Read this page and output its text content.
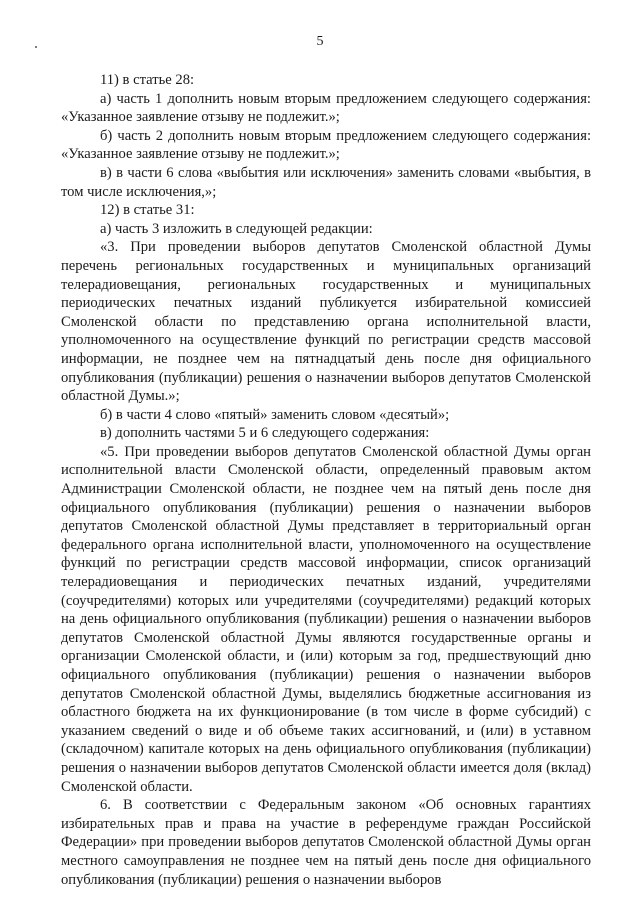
5

11) в статье 28:

а) часть 1 дополнить новым вторым предложением следующего содержания: «Указанное заявление отзыву не подлежит.»;

б) часть 2 дополнить новым вторым предложением следующего содержания: «Указанное заявление отзыву не подлежит.»;

в) в части 6 слова «выбытия или исключения» заменить словами «выбытия, в том числе исключения,»;

12) в статье 31:

а) часть 3 изложить в следующей редакции:

«3. При проведении выборов депутатов Смоленской областной Думы перечень региональных государственных и муниципальных организаций телерадиовещания, региональных государственных и муниципальных периодических печатных изданий публикуется избирательной комиссией Смоленской области по представлению органа исполнительной власти, уполномоченного на осуществление функций по регистрации средств массовой информации, не позднее чем на пятнадцатый день после дня официального опубликования (публикации) решения о назначении выборов депутатов Смоленской областной Думы.»;

б) в части 4 слово «пятый» заменить словом «десятый»;

в) дополнить частями 5 и 6 следующего содержания:

«5. При проведении выборов депутатов Смоленской областной Думы орган исполнительной власти Смоленской области, определенный правовым актом Администрации Смоленской области, не позднее чем на пятый день после дня официального опубликования (публикации) решения о назначении выборов депутатов Смоленской областной Думы представляет в территориальный орган федерального органа исполнительной власти, уполномоченного на осуществление функций по регистрации средств массовой информации, список организаций телерадиовещания и периодических печатных изданий, учредителями (соучредителями) которых или учредителями (соучредителями) редакций которых на день официального опубликования (публикации) решения о назначении выборов депутатов Смоленской областной Думы являются государственные органы и организации Смоленской области, и (или) которым за год, предшествующий дню официального опубликования (публикации) решения о назначении выборов депутатов Смоленской областной Думы, выделялись бюджетные ассигнования из областного бюджета на их функционирование (в том числе в форме субсидий) с указанием сведений о виде и об объеме таких ассигнований, и (или) в уставном (складочном) капитале которых на день официального опубликования (публикации) решения о назначении выборов депутатов Смоленской области имеется доля (вклад) Смоленской области.

6. В соответствии с Федеральным законом «Об основных гарантиях избирательных прав и права на участие в референдуме граждан Российской Федерации» при проведении выборов депутатов Смоленской областной Думы орган местного самоуправления не позднее чем на пятый день после дня официального опубликования (публикации) решения о назначении выборов
